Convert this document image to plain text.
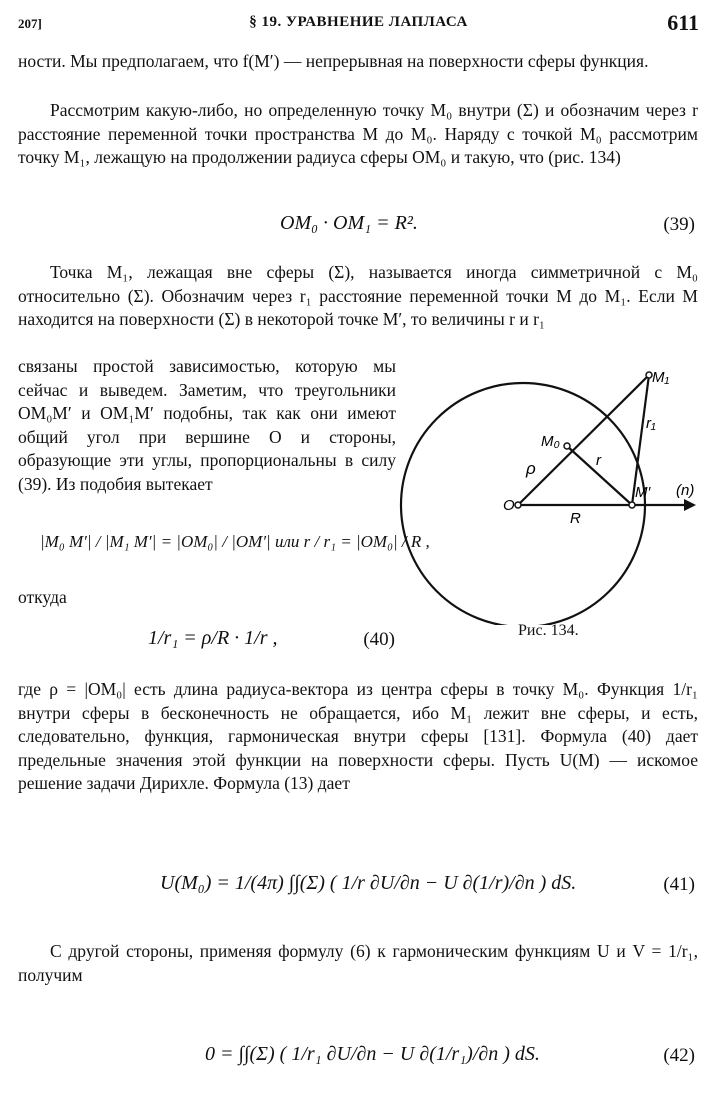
207]	§ 19. УРАВНЕНИЕ ЛАПЛАСА	611

ности. Мы предполагаем, что f(M′) — непрерывная на поверхности сферы функция.

Рассмотрим какую-либо, но определенную точку M₀ внутри (Σ) и обозначим через r расстояние переменной точки пространства M до M₀. Наряду с точкой M₀ рассмотрим точку M₁, лежащую на продолжении радиуса сферы OM₀ и такую, что (рис. 134)

OM₀ · OM₁ = R².	(39)

Точка M₁, лежащая вне сферы (Σ), называется иногда симметричной с M₀ относительно (Σ). Обозначим через r₁ расстояние переменной точки M до M₁. Если M находится на поверхности (Σ) в некоторой точке M′, то величины r и r₁

связаны простой зависимостью, которую мы сейчас и выведем. Заметим, что треугольники OM₀M′ и OM₁M′ подобны, так как они имеют общий угол при вершине O и стороны, образующие эти углы, пропорциональны в силу (39). Из подобия вытекает

|M₀ M′| / |M₁ M′| = |OM₀| / |OM′| или r / r₁ = |OM₀| / R ,

откуда

1/r₁ = ρ/R · 1/r ,	(40)
M₁
M₀
M′
O
R
r
r₁
ρ
(n)
Рис. 134.

где ρ = |OM₀| есть длина радиуса-вектора из центра сферы в точку M₀. Функция 1/r₁ внутри сферы в бесконечность не обращается, ибо M₁ лежит вне сферы, и есть, следовательно, функция, гармоническая внутри сферы [131]. Формула (40) дает предельные значения этой функции на поверхности сферы. Пусть U(M) — искомое решение задачи Дирихле. Формула (13) дает

U(M₀) = 1/(4π) ∫∫(Σ) ( 1/r ∂U/∂n − U ∂(1/r)/∂n ) dS.	(41)

С другой стороны, применяя формулу (6) к гармоническим функциям U и V = 1/r₁, получим

0 = ∫∫(Σ) ( 1/r₁ ∂U/∂n − U ∂(1/r₁)/∂n ) dS.	(42)
